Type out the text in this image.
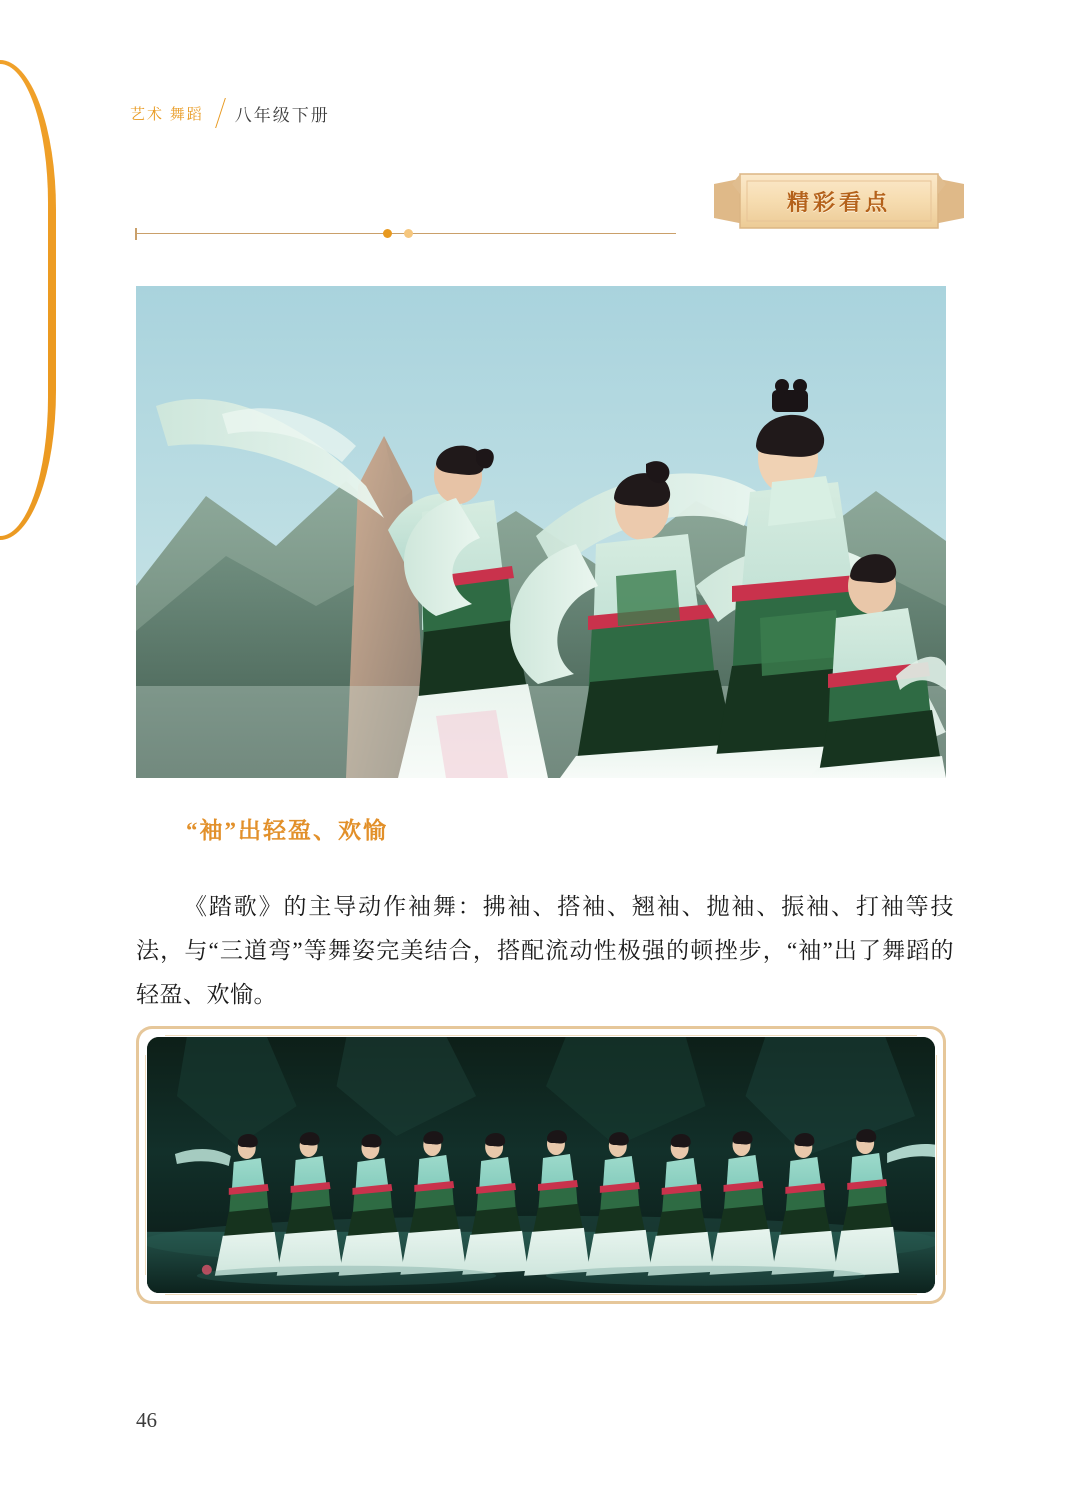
艺术 舞蹈	八年级下册
精彩看点
“袖”出轻盈、欢愉

《踏歌》的主导动作袖舞：拂袖、搭袖、翘袖、抛袖、振袖、打袖等技法，与“三道弯”等舞姿完美结合，搭配流动性极强的顿挫步，“袖”出了舞蹈的轻盈、欢愉。

46
